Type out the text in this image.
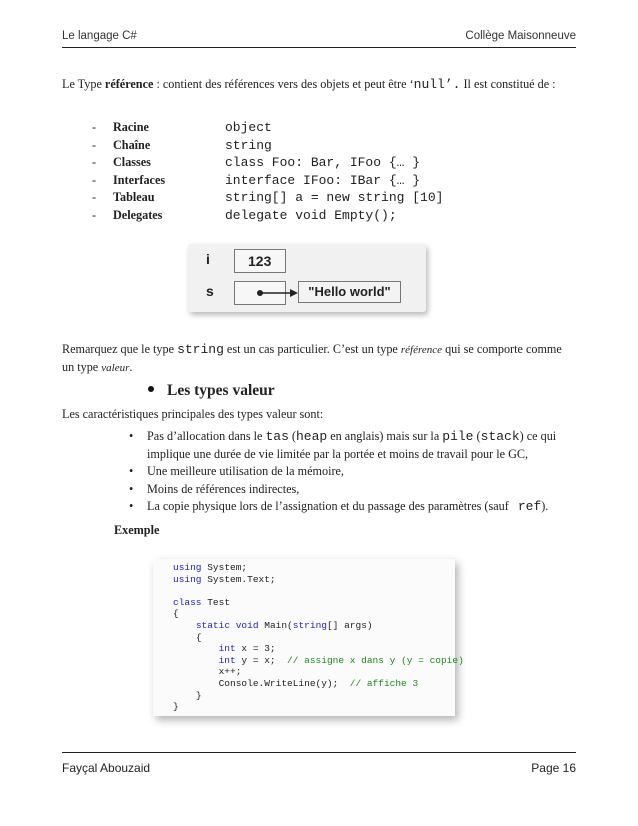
Le langage C#	Collège Maisonneuve
Le Type référence : contient des références vers des objets et peut être ‘null’. Il est constitué de :
- Racine	object
- Chaîne	string
- Classes	class Foo: Bar, IFoo {… }
- Interfaces	interface IFoo: IBar {… }
- Tableau	string[] a = new string [10]
- Delegates	delegate void Empty();
i	123
s	"Hello world"
Remarquez que le type string est un cas particulier. C’est un type référence qui se comporte comme un type valeur.
Les types valeur
Les caractéristiques principales des types valeur sont:
• Pas d’allocation dans le tas (heap en anglais) mais sur la pile (stack) ce qui implique une durée de vie limitée par la portée et moins de travail pour le GC,
• Une meilleure utilisation de la mémoire,
• Moins de références indirectes,
• La copie physique lors de l’assignation et du passage des paramètres (sauf ref).
Exemple
using System;
using System.Text;

class Test
{
static void Main(string[] args)
{
int x = 3;
int y = x; // assigne x dans y (y = copie)
x++;
Console.WriteLine(y); // affiche 3
}
}
Fayçal Abouzaid	Page 16
